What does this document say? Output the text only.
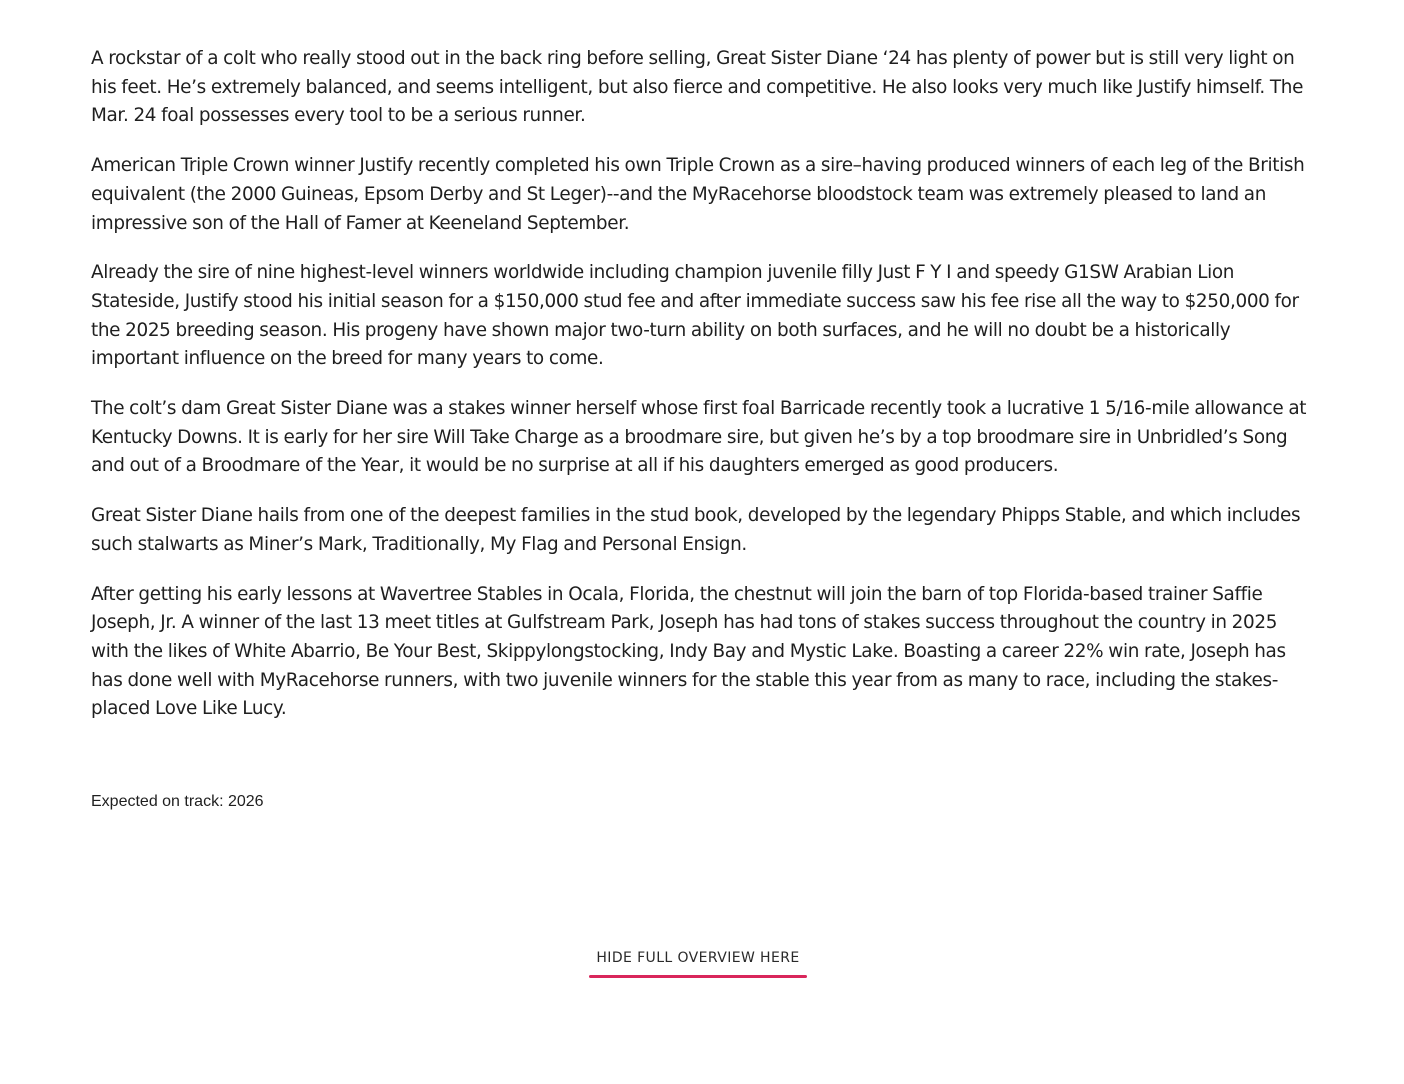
A rockstar of a colt who really stood out in the back ring before selling, Great Sister Diane ‘24 has plenty of power but is still very light on his feet. He’s extremely balanced, and seems intelligent, but also fierce and competitive. He also looks very much like Justify himself. The Mar. 24 foal possesses every tool to be a serious runner.

American Triple Crown winner Justify recently completed his own Triple Crown as a sire–having produced winners of each leg of the British equivalent (the 2000 Guineas, Epsom Derby and St Leger)--and the MyRacehorse bloodstock team was extremely pleased to land an impressive son of the Hall of Famer at Keeneland September.

Already the sire of nine highest-level winners worldwide including champion juvenile filly Just F Y I and speedy G1SW Arabian Lion Stateside, Justify stood his initial season for a $150,000 stud fee and after immediate success saw his fee rise all the way to $250,000 for the 2025 breeding season. His progeny have shown major two-turn ability on both surfaces, and he will no doubt be a historically important influence on the breed for many years to come.

The colt’s dam Great Sister Diane was a stakes winner herself whose first foal Barricade recently took a lucrative 1 5/16-mile allowance at Kentucky Downs. It is early for her sire Will Take Charge as a broodmare sire, but given he’s by a top broodmare sire in Unbridled’s Song and out of a Broodmare of the Year, it would be no surprise at all if his daughters emerged as good producers.

Great Sister Diane hails from one of the deepest families in the stud book, developed by the legendary Phipps Stable, and which includes such stalwarts as Miner’s Mark, Traditionally, My Flag and Personal Ensign.

After getting his early lessons at Wavertree Stables in Ocala, Florida, the chestnut will join the barn of top Florida-based trainer Saffie Joseph, Jr. A winner of the last 13 meet titles at Gulfstream Park, Joseph has had tons of stakes success throughout the country in 2025 with the likes of White Abarrio, Be Your Best, Skippylongstocking, Indy Bay and Mystic Lake. Boasting a career 22% win rate, Joseph has has done well with MyRacehorse runners, with two juvenile winners for the stable this year from as many to race, including the stakes-placed Love Like Lucy.

Expected on track: 2026
HIDE FULL OVERVIEW HERE
